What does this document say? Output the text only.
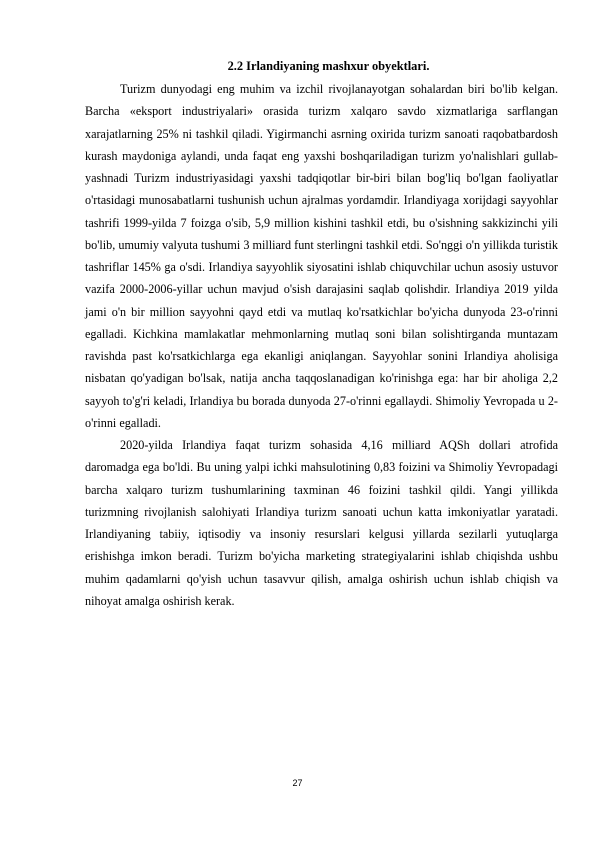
2.2 Irlandiyaning mashxur obyektlari.

Turizm dunyodagi eng muhim va izchil rivojlanayotgan sohalardan biri bo'lib kelgan. Barcha «eksport industriyalari» orasida turizm xalqaro savdo xizmatlariga sarflangan xarajatlarning 25% ni tashkil qiladi. Yigirmanchi asrning oxirida turizm sanoati raqobatbardosh kurash maydoniga aylandi, unda faqat eng yaxshi boshqariladigan turizm yo'nalishlari gullab-yashnadi Turizm industriyasidagi yaxshi tadqiqotlar bir-biri bilan bog'liq bo'lgan faoliyatlar o'rtasidagi munosabatlarni tushunish uchun ajralmas yordamdir. Irlandiyaga xorijdagi sayyohlar tashrifi 1999-yilda 7 foizga o'sib, 5,9 million kishini tashkil etdi, bu o'sishning sakkizinchi yili bo'lib, umumiy valyuta tushumi 3 milliard funt sterlingni tashkil etdi. So'nggi o'n yillikda turistik tashriflar 145% ga o'sdi. Irlandiya sayyohlik siyosatini ishlab chiquvchilar uchun asosiy ustuvor vazifa 2000-2006-yillar uchun mavjud o'sish darajasini saqlab qolishdir. Irlandiya 2019 yilda jami o'n bir million sayyohni qayd etdi va mutlaq ko'rsatkichlar bo'yicha dunyoda 23-o'rinni egalladi. Kichkina mamlakatlar mehmonlarning mutlaq soni bilan solishtirganda muntazam ravishda past ko'rsatkichlarga ega ekanligi aniqlangan. Sayyohlar sonini Irlandiya aholisiga nisbatan qo'yadigan bo'lsak, natija ancha taqqoslanadigan ko'rinishga ega: har bir aholiga 2,2 sayyoh to'g'ri keladi, Irlandiya bu borada dunyoda 27-o'rinni egallaydi. Shimoliy Yevropada u 2-o'rinni egalladi.

2020-yilda Irlandiya faqat turizm sohasida 4,16 milliard AQSh dollari atrofida daromadga ega bo'ldi. Bu uning yalpi ichki mahsulotining 0,83 foizini va Shimoliy Yevropadagi barcha xalqaro turizm tushumlarining taxminan 46 foizini tashkil qildi. Yangi yillikda turizmning rivojlanish salohiyati Irlandiya turizm sanoati uchun katta imkoniyatlar yaratadi. Irlandiyaning tabiiy, iqtisodiy va insoniy resurslari kelgusi yillarda sezilarli yutuqlarga erishishga imkon beradi. Turizm bo'yicha marketing strategiyalarini ishlab chiqishda ushbu muhim qadamlarni qo'yish uchun tasavvur qilish, amalga oshirish uchun ishlab chiqish va nihoyat amalga oshirish kerak.

27
